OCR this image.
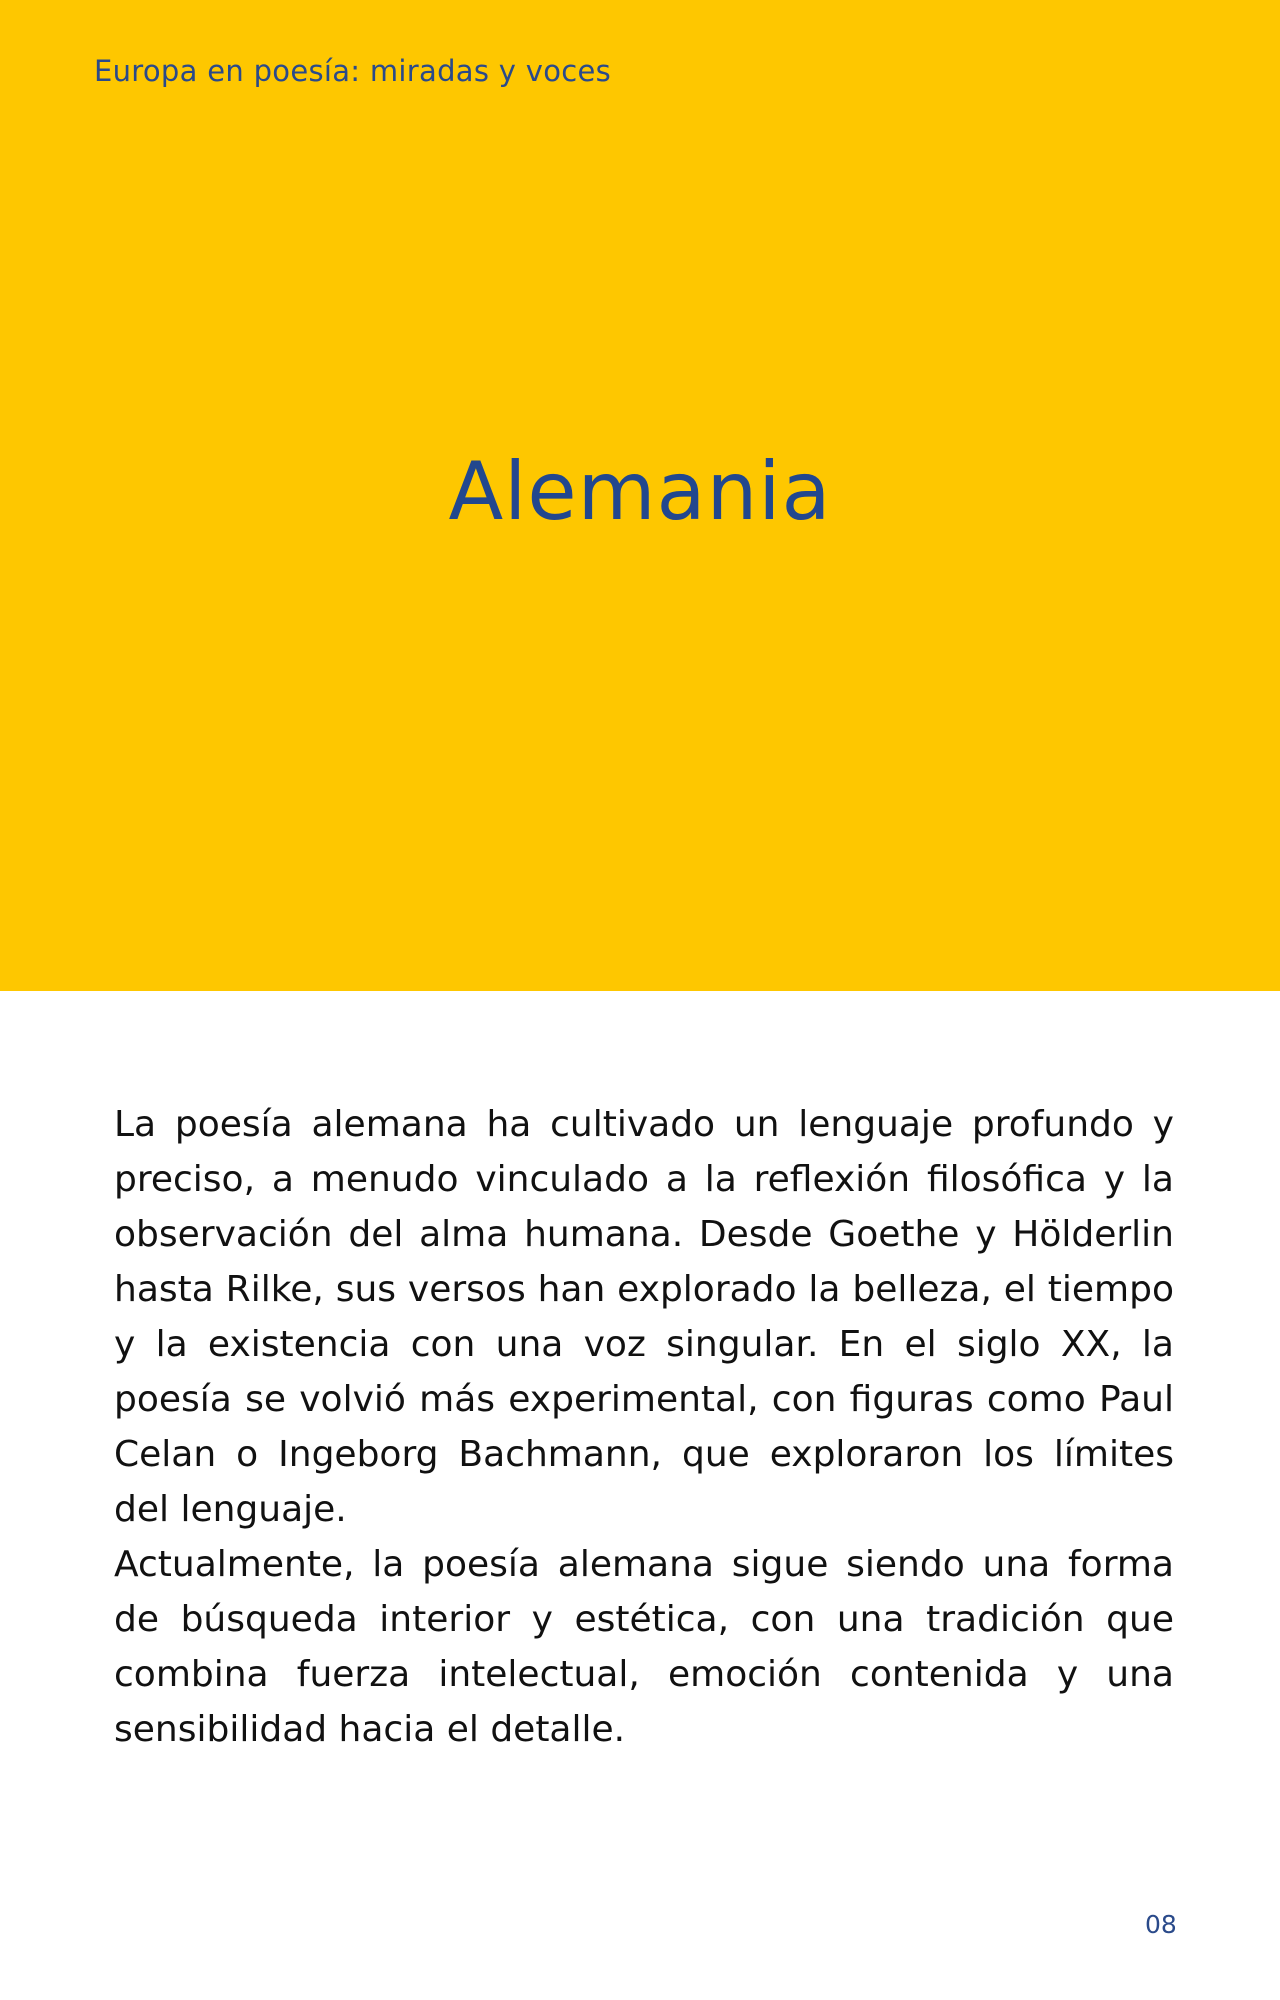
Europa en poesía: miradas y voces
Alemania

La poesía alemana ha cultivado un lenguaje profundo y preciso, a menudo vinculado a la reflexión filosófica y la observación del alma humana. Desde Goethe y Hölderlin hasta Rilke, sus versos han explorado la belleza, el tiempo y la existencia con una voz singular. En el siglo XX, la poesía se volvió más experimental, con figuras como Paul Celan o Ingeborg Bachmann, que exploraron los límites del lenguaje.

Actualmente, la poesía alemana sigue siendo una forma de búsqueda interior y estética, con una tradición que combina fuerza intelectual, emoción contenida y una sensibilidad hacia el detalle.

08
